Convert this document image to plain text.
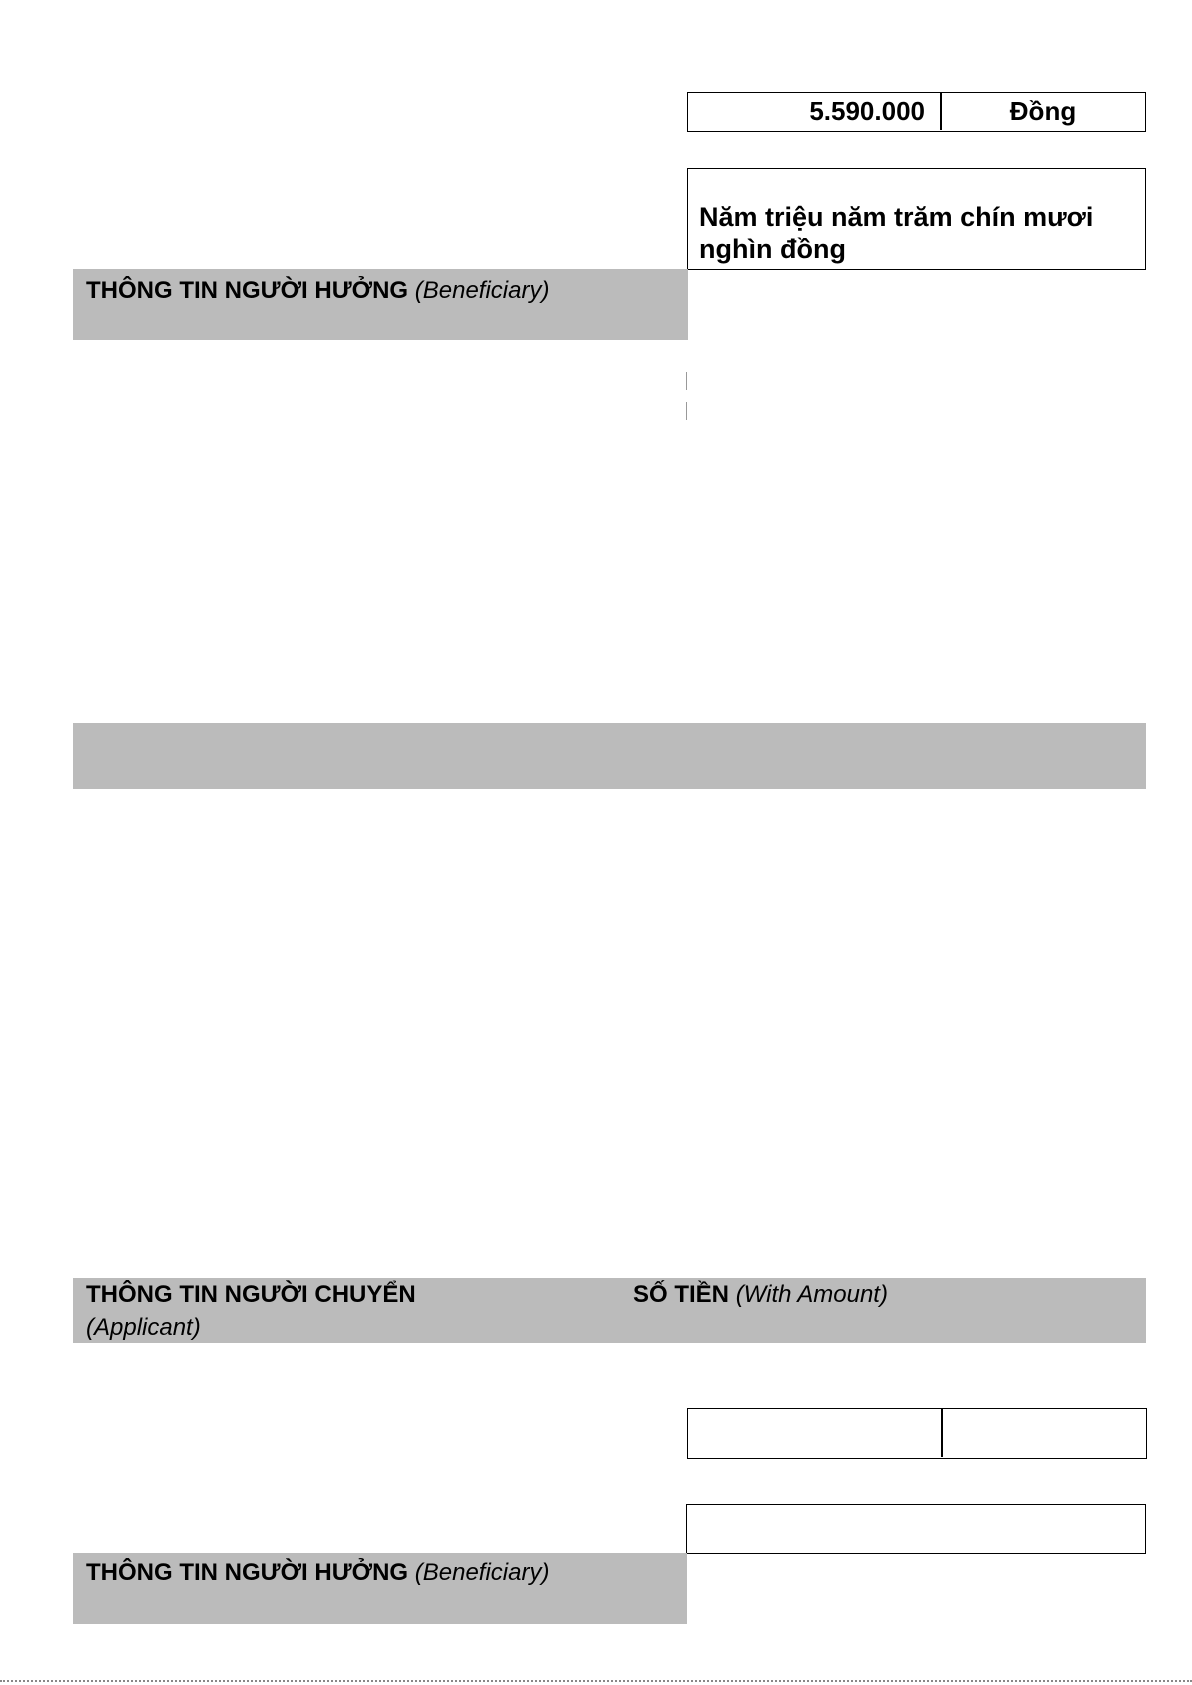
5.590.000	Đồng
Năm triệu năm trăm chín mươi nghìn đồng
THÔNG TIN NGƯỜI HƯỞNG (Beneficiary)
THÔNG TIN NGƯỜI CHUYỂN
(Applicant)
SỐ TIỀN (With Amount)
THÔNG TIN NGƯỜI HƯỞNG (Beneficiary)
